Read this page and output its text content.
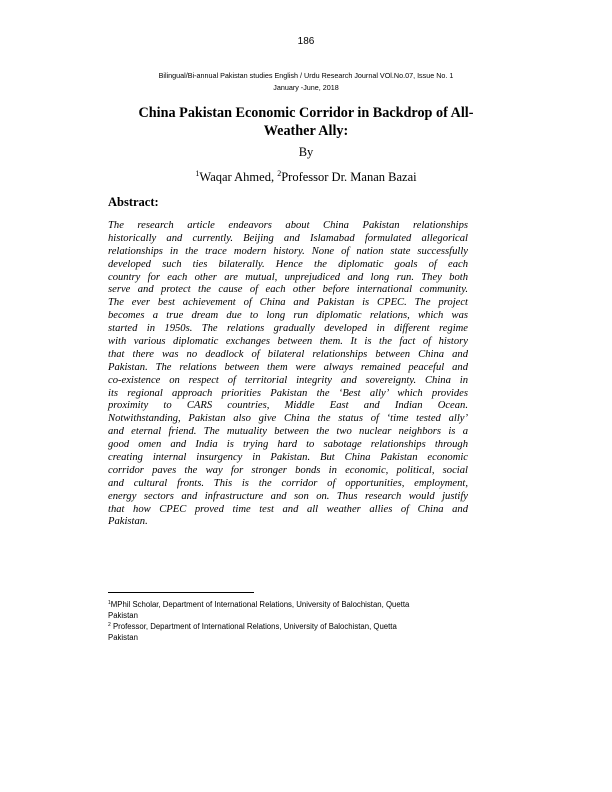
186
Bilingual/Bi-annual Pakistan studies English / Urdu Research Journal VOl.No.07, Issue No. 1
January -June, 2018
China Pakistan Economic Corridor in Backdrop of All-
Weather Ally:
By
$^1$Waqar Ahmed, $^2$Professor Dr. Manan Bazai
Abstract:
The research article endeavors about China Pakistan relationships
historically and currently. Beijing and Islamabad formulated allegorical
relationships in the trace modern history. None of nation state successfully
developed such ties bilaterally. Hence the diplomatic goals of each
country for each other are mutual, unprejudiced and long run. They both
serve and protect the cause of each other before international community.
The ever best achievement of China and Pakistan is CPEC. The project
becomes a true dream due to long run diplomatic relations, which was
started in 1950s. The relations gradually developed in different regime
with various diplomatic exchanges between them. It is the fact of history
that there was no deadlock of bilateral relationships between China and
Pakistan. The relations between them were always remained peaceful and
co-existence on respect of territorial integrity and sovereignty. China in
its regional approach priorities Pakistan the ‘Best ally’ which provides
proximity to CARS countries, Middle East and Indian Ocean.
Notwithstanding, Pakistan also give China the status of ‘time tested ally’
and eternal friend. The mutuality between the two nuclear neighbors is a
good omen and India is trying hard to sabotage relationships through
creating internal insurgency in Pakistan. But China Pakistan economic
corridor paves the way for stronger bonds in economic, political, social
and cultural fronts. This is the corridor of opportunities, employment,
energy sectors and infrastructure and son on. Thus research would justify
that how CPEC proved time test and all weather allies of China and
Pakistan.
$^1$MPhil Scholar, Department of International Relations, University of Balochistan, Quetta
Pakistan
$^2$ Professor, Department of International Relations, University of Balochistan, Quetta
Pakistan
